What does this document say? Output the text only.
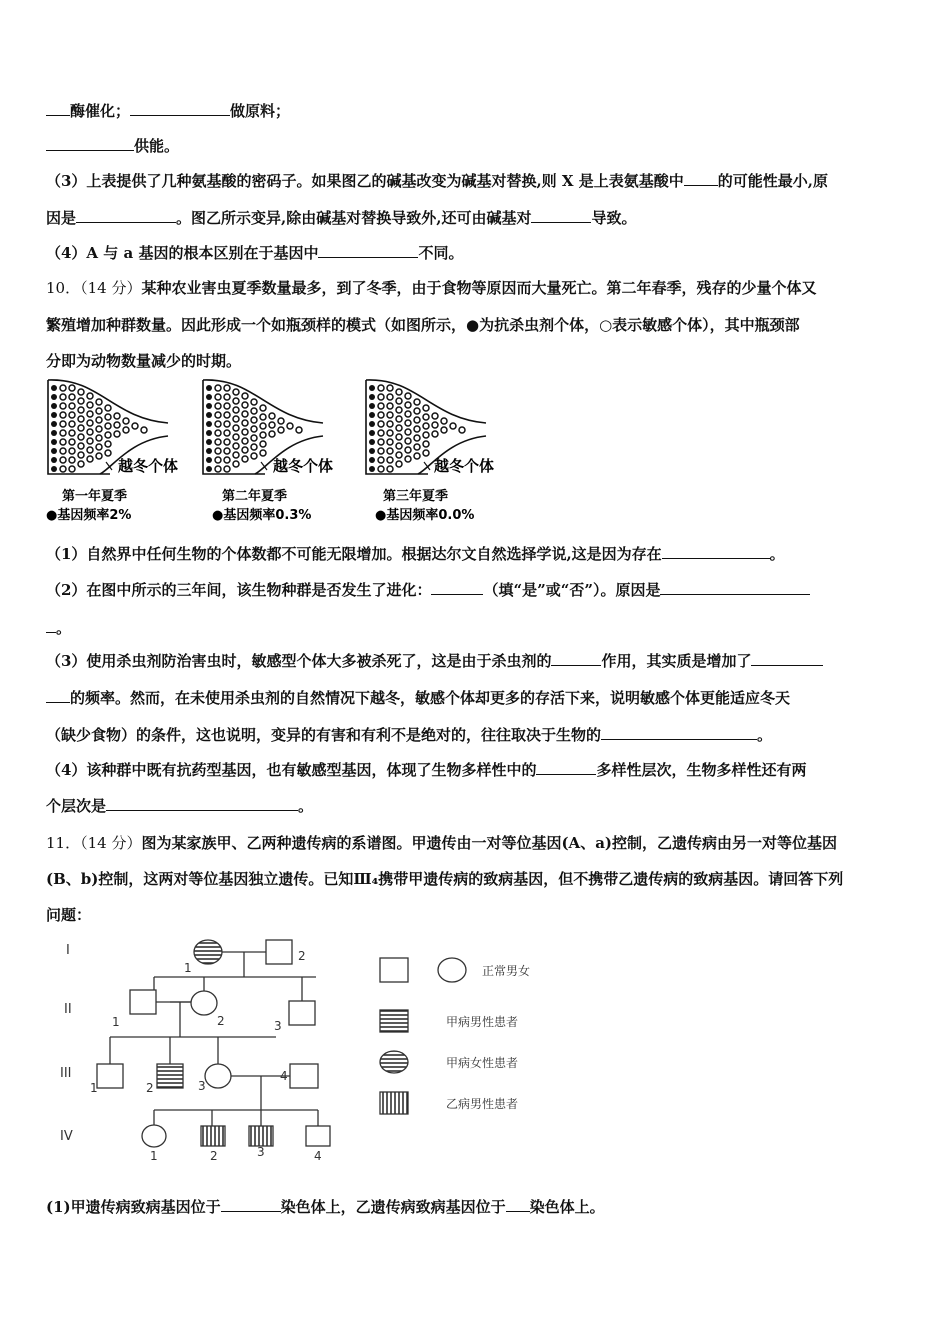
酶催化；	做原料；
供能。
（3）上表提供了几种氨基酸的密码子。如果图乙的碱基改变为碱基对替换,则 X 是上表氨基酸中 的可能性最小,原
因是	。图乙所示变异,除由碱基对替换导致外,还可由碱基对	导致。
（4）A 与 a 基因的根本区别在于基因中	不同。
10．（14 分）某种农业害虫夏季数量最多，到了冬季，由于食物等原因而大量死亡。第二年春季，残存的少量个体又
繁殖增加种群数量。因此形成一个如瓶颈样的模式（如图所示，●为抗杀虫剂个体，○表示敏感个体），其中瓶颈部
分即为动物数量减少的时期。
越冬个体
第一年夏季
●基因频率2%
越冬个体
第二年夏季
●基因频率0.3%
越冬个体
第三年夏季
●基因频率0.0%
（1）自然界中任何生物的个体数都不可能无限增加。根据达尔文自然选择学说,这是因为存在	。
（2）在图中所示的三年间，该生物种群是否发生了进化：	（填“是”或“否”）。原因是
。
（3）使用杀虫剂防治害虫时，敏感型个体大多被杀死了，这是由于杀虫剂的	作用，其实质是增加了
的频率。然而，在未使用杀虫剂的自然情况下越冬，敏感个体却更多的存活下来，说明敏感个体更能适应冬天
（缺少食物）的条件，这也说明，变异的有害和有利不是绝对的，往往取决于生物的	。
（4）该种群中既有抗药型基因，也有敏感型基因，体现了生物多样性中的	多样性层次，生物多样性还有两
个层次是	。
11．（14 分）图为某家族甲、乙两种遗传病的系谱图。甲遗传由一对等位基因(A、a)控制，乙遗传病由另一对等位基因
(B、b)控制，这两对等位基因独立遗传。已知Ⅲ₄携带甲遗传病的致病基因，但不携带乙遗传病的致病基因。请回答下列
问题：
I
II
III
IV
1
2
1	2	3
1	2	3
4
1	2	3	4
正常男女
甲病男性患者
甲病女性患者
乙病男性患者
(1)甲遗传病致病基因位于	染色体上，乙遗传病致病基因位于 染色体上。
